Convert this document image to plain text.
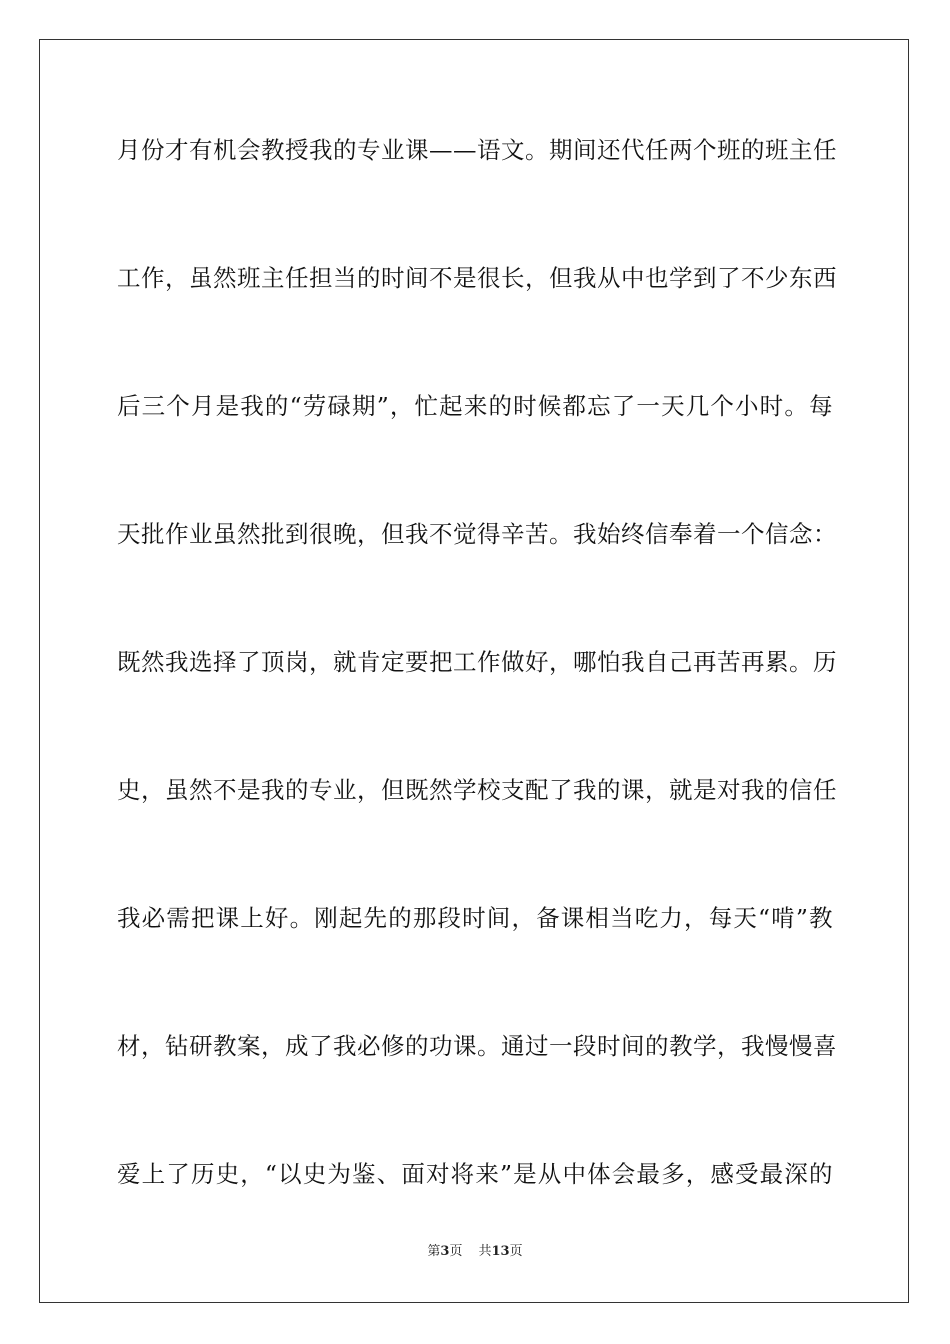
月份才有机会教授我的专业课——语文。期间还代任两个班的班主任

工作，虽然班主任担当的时间不是很长，但我从中也学到了不少东西

后三个月是我的“劳碌期”，忙起来的时候都忘了一天几个小时。每

天批作业虽然批到很晚，但我不觉得辛苦。我始终信奉着一个信念：

既然我选择了顶岗，就肯定要把工作做好，哪怕我自己再苦再累。历

史，虽然不是我的专业，但既然学校支配了我的课，就是对我的信任

我必需把课上好。刚起先的那段时间，备课相当吃力，每天“啃”教

材，钻研教案，成了我必修的功课。通过一段时间的教学，我慢慢喜

爱上了历史，“以史为鉴、面对将来”是从中体会最多，感受最深的

第3页 共13页
